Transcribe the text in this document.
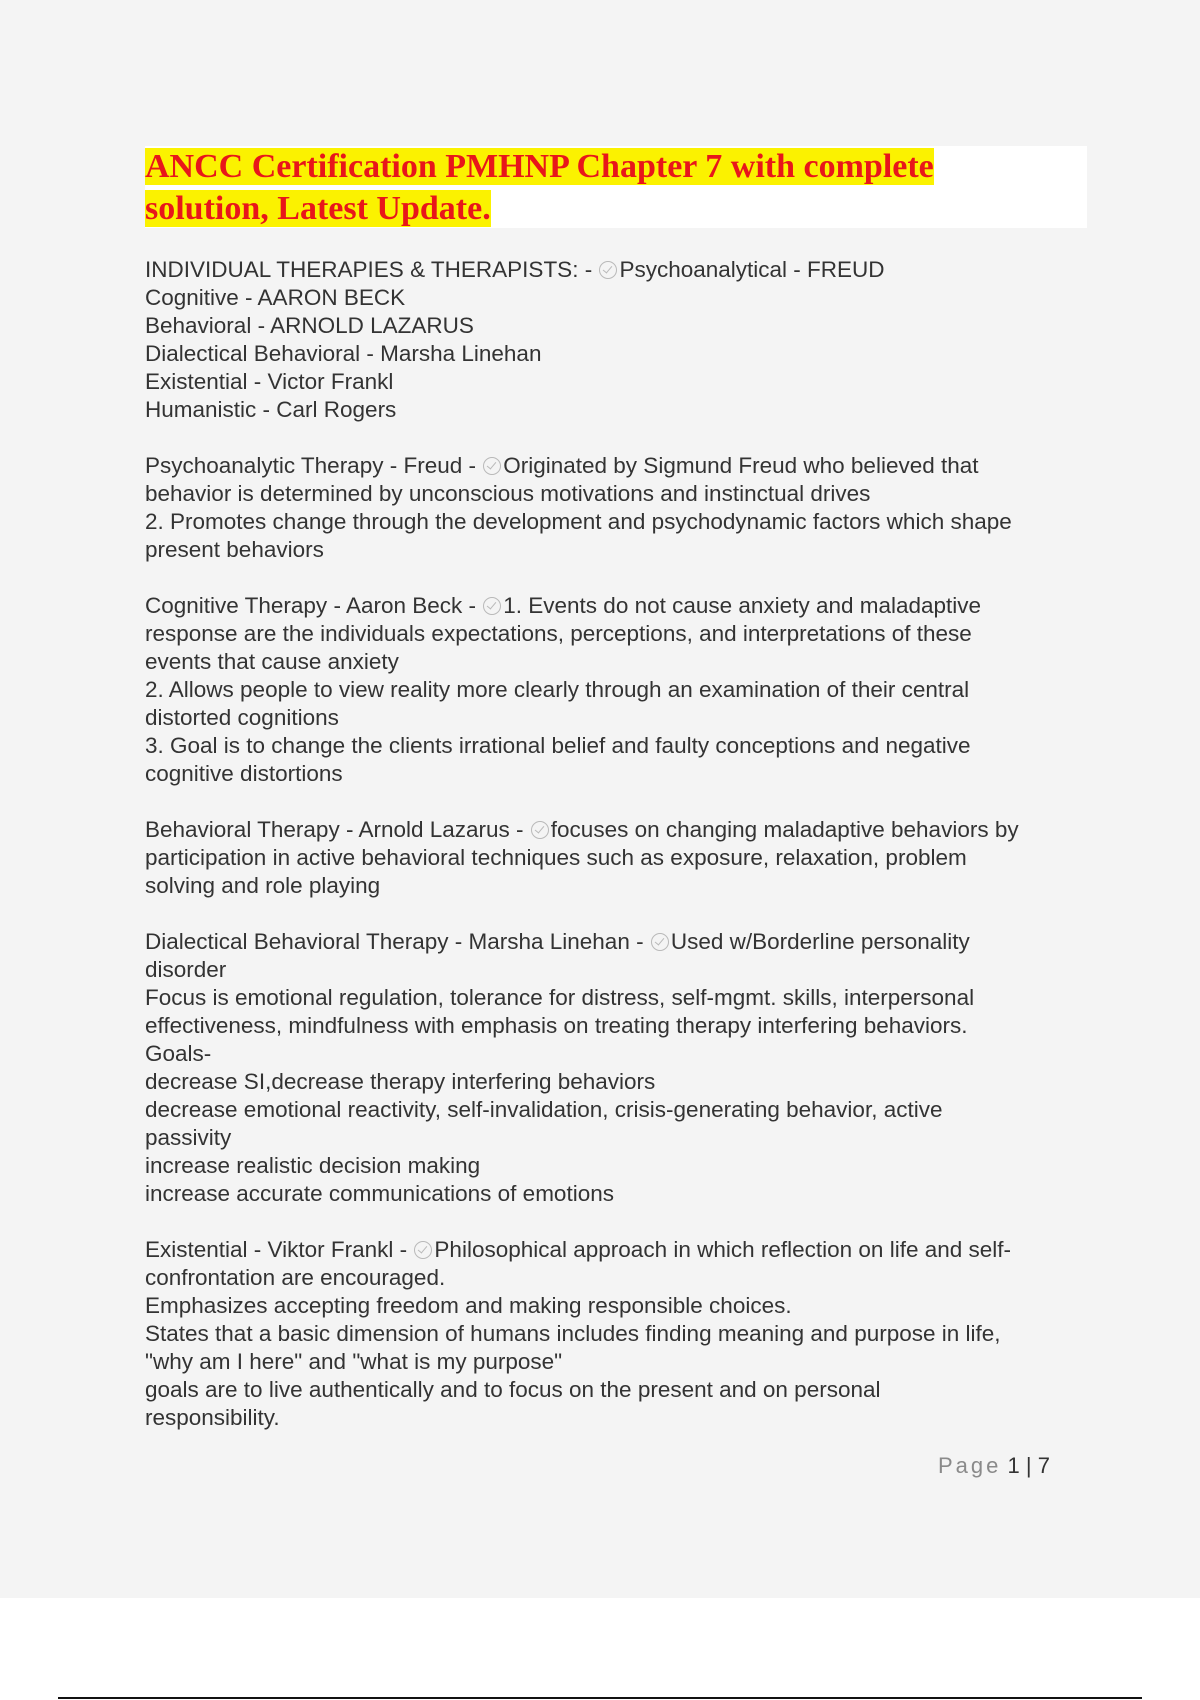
ANCC Certification PMHNP Chapter 7 with complete
solution, Latest Update.
INDIVIDUAL THERAPIES & THERAPISTS: - Psychoanalytical - FREUD
Cognitive - AARON BECK
Behavioral - ARNOLD LAZARUS
Dialectical Behavioral - Marsha Linehan
Existential - Victor Frankl
Humanistic - Carl Rogers
Psychoanalytic Therapy - Freud - Originated by Sigmund Freud who believed that
behavior is determined by unconscious motivations and instinctual drives
2. Promotes change through the development and psychodynamic factors which shape
present behaviors
Cognitive Therapy - Aaron Beck - 1. Events do not cause anxiety and maladaptive
response are the individuals expectations, perceptions, and interpretations of these
events that cause anxiety
2. Allows people to view reality more clearly through an examination of their central
distorted cognitions
3. Goal is to change the clients irrational belief and faulty conceptions and negative
cognitive distortions
Behavioral Therapy - Arnold Lazarus - focuses on changing maladaptive behaviors by
participation in active behavioral techniques such as exposure, relaxation, problem
solving and role playing
Dialectical Behavioral Therapy - Marsha Linehan - Used w/Borderline personality
disorder
Focus is emotional regulation, tolerance for distress, self-mgmt. skills, interpersonal
effectiveness, mindfulness with emphasis on treating therapy interfering behaviors.
Goals-
decrease SI,decrease therapy interfering behaviors
decrease emotional reactivity, self-invalidation, crisis-generating behavior, active
passivity
increase realistic decision making
increase accurate communications of emotions
Existential - Viktor Frankl - Philosophical approach in which reflection on life and self-
confrontation are encouraged.
Emphasizes accepting freedom and making responsible choices.
States that a basic dimension of humans includes finding meaning and purpose in life,
"why am I here" and "what is my purpose"
goals are to live authentically and to focus on the present and on personal
responsibility.
Page 1 | 7
